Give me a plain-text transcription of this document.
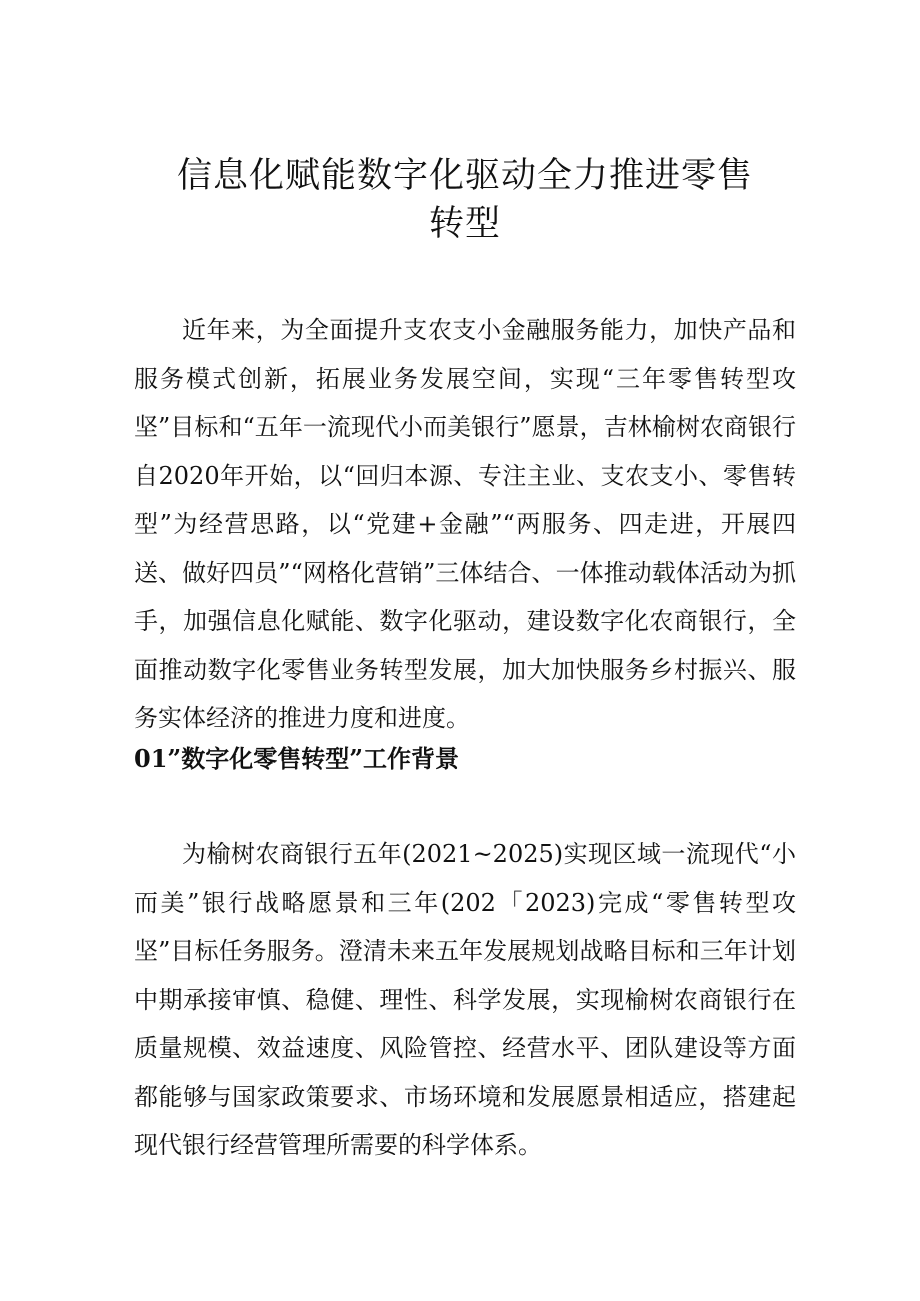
信息化赋能数字化驱动全力推进零售转型

近年来，为全面提升支农支小金融服务能力，加快产品和服务模式创新，拓展业务发展空间，实现“三年零售转型攻坚”目标和“五年一流现代小而美银行”愿景，吉林榆树农商银行自2020年开始，以“回归本源、专注主业、支农支小、零售转型”为经营思路，以“党建+金融”“两服务、四走进，开展四送、做好四员”“网格化营销”三体结合、一体推动载体活动为抓手，加强信息化赋能、数字化驱动，建设数字化农商银行，全面推动数字化零售业务转型发展，加大加快服务乡村振兴、服务实体经济的推进力度和进度。

01”数字化零售转型”工作背景

为榆树农商银行五年(2021~2025)实现区域一流现代“小而美”银行战略愿景和三年(202「2023)完成“零售转型攻坚”目标任务服务。澄清未来五年发展规划战略目标和三年计划中期承接审慎、稳健、理性、科学发展，实现榆树农商银行在质量规模、效益速度、风险管控、经营水平、团队建设等方面都能够与国家政策要求、市场环境和发展愿景相适应，搭建起现代银行经营管理所需要的科学体系。
